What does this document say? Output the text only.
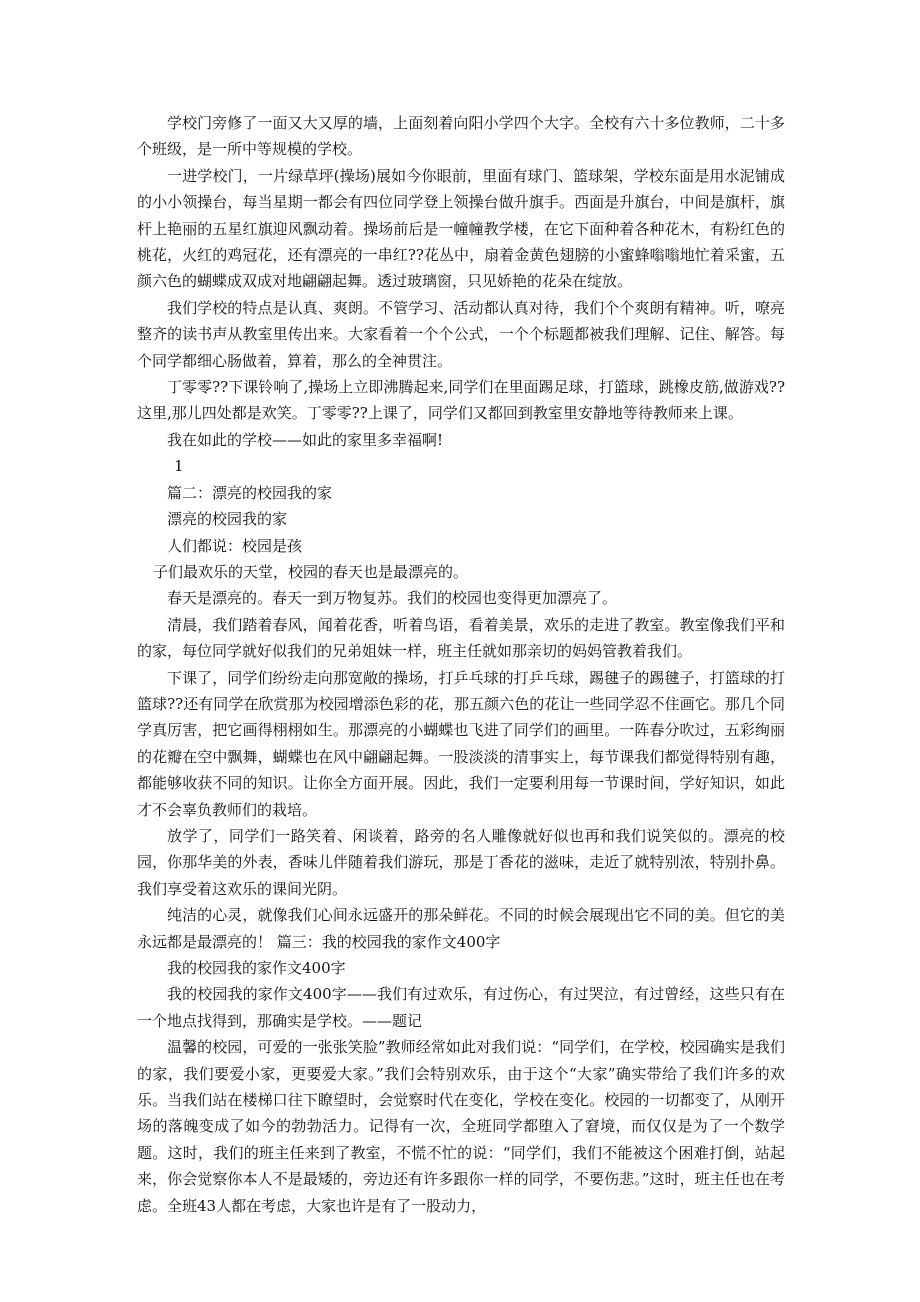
学校门旁修了一面又大又厚的墙，上面刻着向阳小学四个大字。全校有六十多位教师，二十多个班级，是一所中等规模的学校。

一进学校门，一片绿草坪(操场)展如今你眼前，里面有球门、篮球架，学校东面是用水泥铺成的小小领操台，每当星期一都会有四位同学登上领操台做升旗手。西面是升旗台，中间是旗杆，旗杆上艳丽的五星红旗迎风飘动着。操场前后是一幢幢教学楼，在它下面种着各种花木，有粉红色的桃花，火红的鸡冠花，还有漂亮的一串红??花丛中，扇着金黄色翅膀的小蜜蜂嗡嗡地忙着采蜜，五颜六色的蝴蝶成双成对地翩翩起舞。透过玻璃窗，只见娇艳的花朵在绽放。

我们学校的特点是认真、爽朗。不管学习、活动都认真对待，我们个个爽朗有精神。听，嘹亮 整齐的读书声从教室里传出来。大家看着一个个公式，一个个标题都被我们理解、记住、解答。每个同学都细心肠做着，算着，那么的全神贯注。

丁零零??下课铃响了,操场上立即沸腾起来,同学们在里面踢足球，打篮球，跳橡皮筋,做游戏??这里,那儿四处都是欢笑。丁零零??上课了，同学们又都回到教室里安静地等待教师来上课。

我在如此的学校——如此的家里多幸福啊!

1

篇二：漂亮的校园我的家

漂亮的校园我的家

人们都说：校园是孩

子们最欢乐的天堂，校园的春天也是最漂亮的。

春天是漂亮的。春天一到万物复苏。我们的校园也变得更加漂亮了。

清晨，我们踏着春风，闻着花香，听着鸟语，看着美景，欢乐的走进了教室。教室像我们平和的家，每位同学就好似我们的兄弟姐妹一样，班主任就如那亲切的妈妈管教着我们。

下课了，同学们纷纷走向那宽敞的操场，打乒乓球的打乒乓球，踢毽子的踢毽子，打篮球的打篮球??还有同学在欣赏那为校园增添色彩的花，那五颜六色的花让一些同学忍不住画它。那几个同学真厉害，把它画得栩栩如生。那漂亮的小蝴蝶也飞进了同学们的画里。一阵春分吹过，五彩绚丽的花瓣在空中飘舞，蝴蝶也在风中翩翩起舞。一股淡淡的清事实上，每节课我们都觉得特别有趣，都能够收获不同的知识。让你全方面开展。因此，我们一定要利用每一节课时间，学好知识，如此才不会辜负教师们的栽培。

放学了，同学们一路笑着、闲谈着，路旁的名人雕像就好似也再和我们说笑似的。漂亮的校园，你那华美的外表，香味儿伴随着我们游玩，那是丁香花的滋味，走近了就特别浓，特别扑鼻。我们享受着这欢乐的课间光阴。

纯洁的心灵，就像我们心间永远盛开的那朵鲜花。不同的时候会展现出它不同的美。但它的美永远都是最漂亮的！ 篇三：我的校园我的家作文400字

我的校园我的家作文400字

我的校园我的家作文400字——我们有过欢乐，有过伤心，有过哭泣，有过曾经，这些只有在一个地点找得到，那确实是学校。——题记

温馨的校园，可爱的一张张笑脸”教师经常如此对我们说：“同学们，在学校，校园确实是我们的家，我们要爱小家，更要爱大家。”我们会特别欢乐，由于这个“大家”确实带给了我们许多的欢乐。当我们站在楼梯口往下瞭望时，会觉察时代在变化，学校在变化。校园的一切都变了，从刚开场的落魄变成了如今的勃勃活力。记得有一次，全班同学都堕入了窘境，而仅仅是为了一个数学题。这时，我们的班主任来到了教室，不慌不忙的说：“同学们，我们不能被这个困难打倒，站起来，你会觉察你本人不是最矮的，旁边还有许多跟你一样的同学，不要伤悲。”这时，班主任也在考虑。全班43人都在考虑，大家也许是有了一股动力，
